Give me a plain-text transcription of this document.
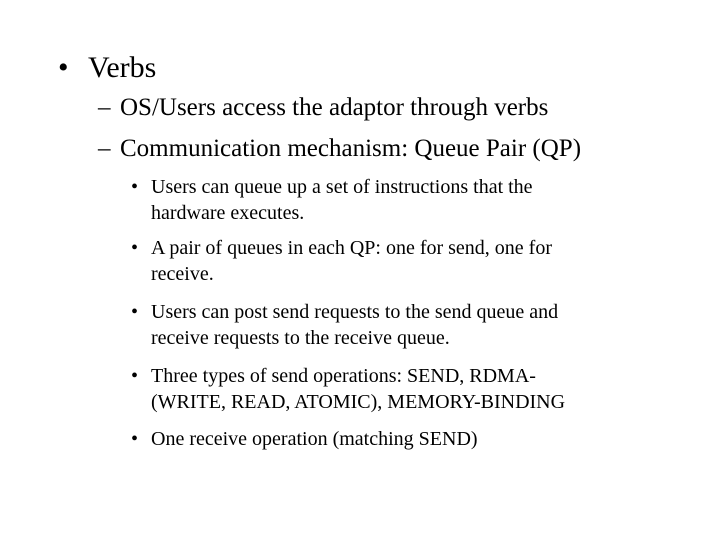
• Verbs
– OS/Users access the adaptor through verbs
– Communication mechanism: Queue Pair (QP)
• Users can queue up a set of instructions that the
hardware executes.
• A pair of queues in each QP: one for send, one for
receive.
• Users can post send requests to the send queue and
receive requests to the receive queue.
• Three types of send operations: SEND, RDMA-
(WRITE, READ, ATOMIC), MEMORY-BINDING
• One receive operation (matching SEND)
